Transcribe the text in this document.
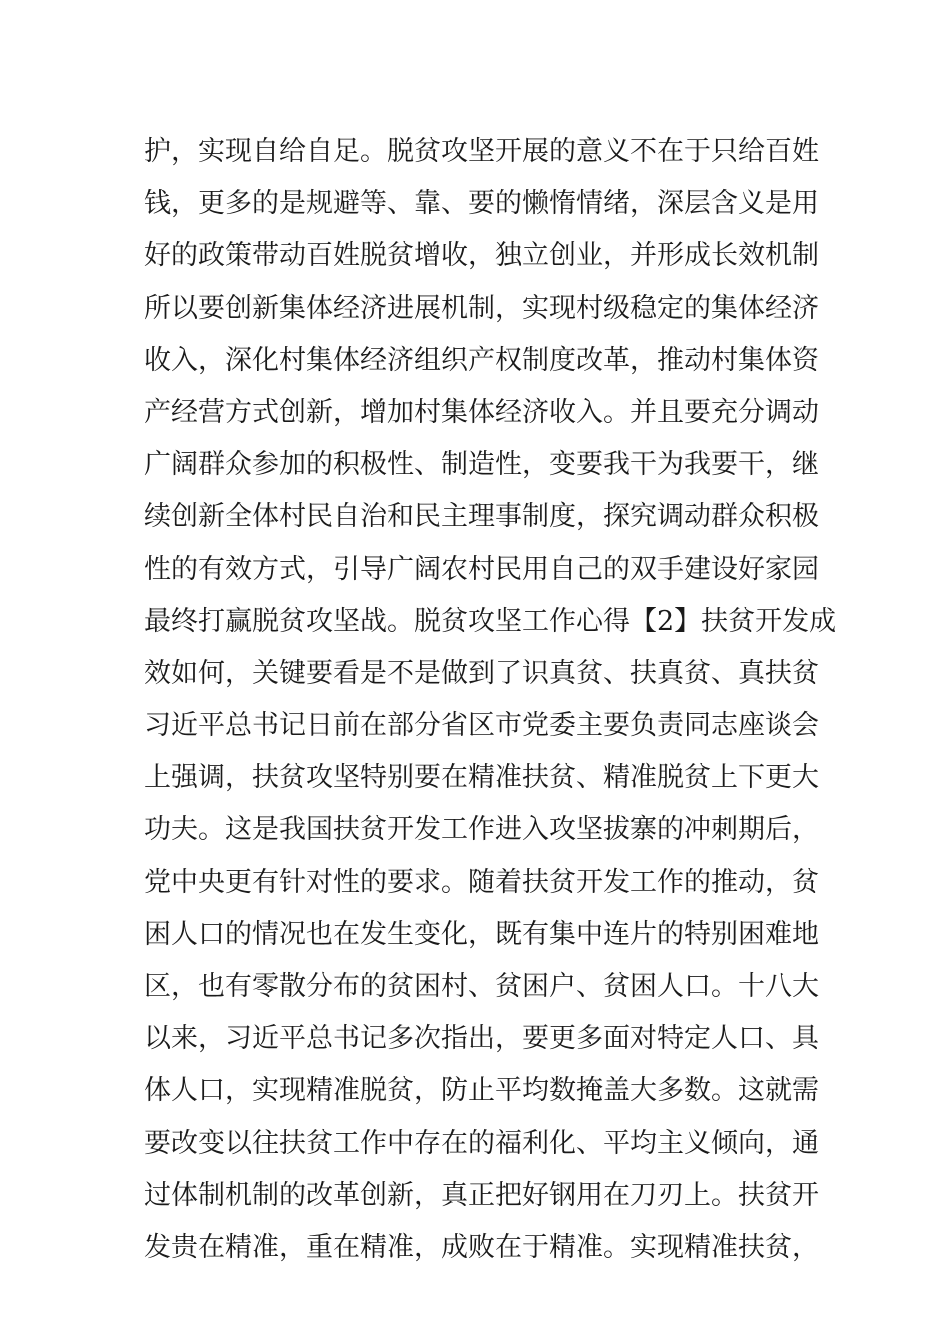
护，实现自给自足。脱贫攻坚开展的意义不在于只给百姓
钱，更多的是规避等、靠、要的懒惰情绪，深层含义是用
好的政策带动百姓脱贫增收，独立创业，并形成长效机制
所以要创新集体经济进展机制，实现村级稳定的集体经济
收入，深化村集体经济组织产权制度改革，推动村集体资
产经营方式创新，增加村集体经济收入。并且要充分调动
广阔群众参加的积极性、制造性，变要我干为我要干，继
续创新全体村民自治和民主理事制度，探究调动群众积极
性的有效方式，引导广阔农村民用自己的双手建设好家园
最终打赢脱贫攻坚战。脱贫攻坚工作心得【2】扶贫开发成
效如何，关键要看是不是做到了识真贫、扶真贫、真扶贫
习近平总书记日前在部分省区市党委主要负责同志座谈会
上强调，扶贫攻坚特别要在精准扶贫、精准脱贫上下更大
功夫。这是我国扶贫开发工作进入攻坚拔寨的冲刺期后，
党中央更有针对性的要求。随着扶贫开发工作的推动，贫
困人口的情况也在发生变化，既有集中连片的特别困难地
区，也有零散分布的贫困村、贫困户、贫困人口。十八大
以来，习近平总书记多次指出，要更多面对特定人口、具
体人口，实现精准脱贫，防止平均数掩盖大多数。这就需
要改变以往扶贫工作中存在的福利化、平均主义倾向，通
过体制机制的改革创新，真正把好钢用在刀刃上。扶贫开
发贵在精准，重在精准，成败在于精准。实现精准扶贫，
